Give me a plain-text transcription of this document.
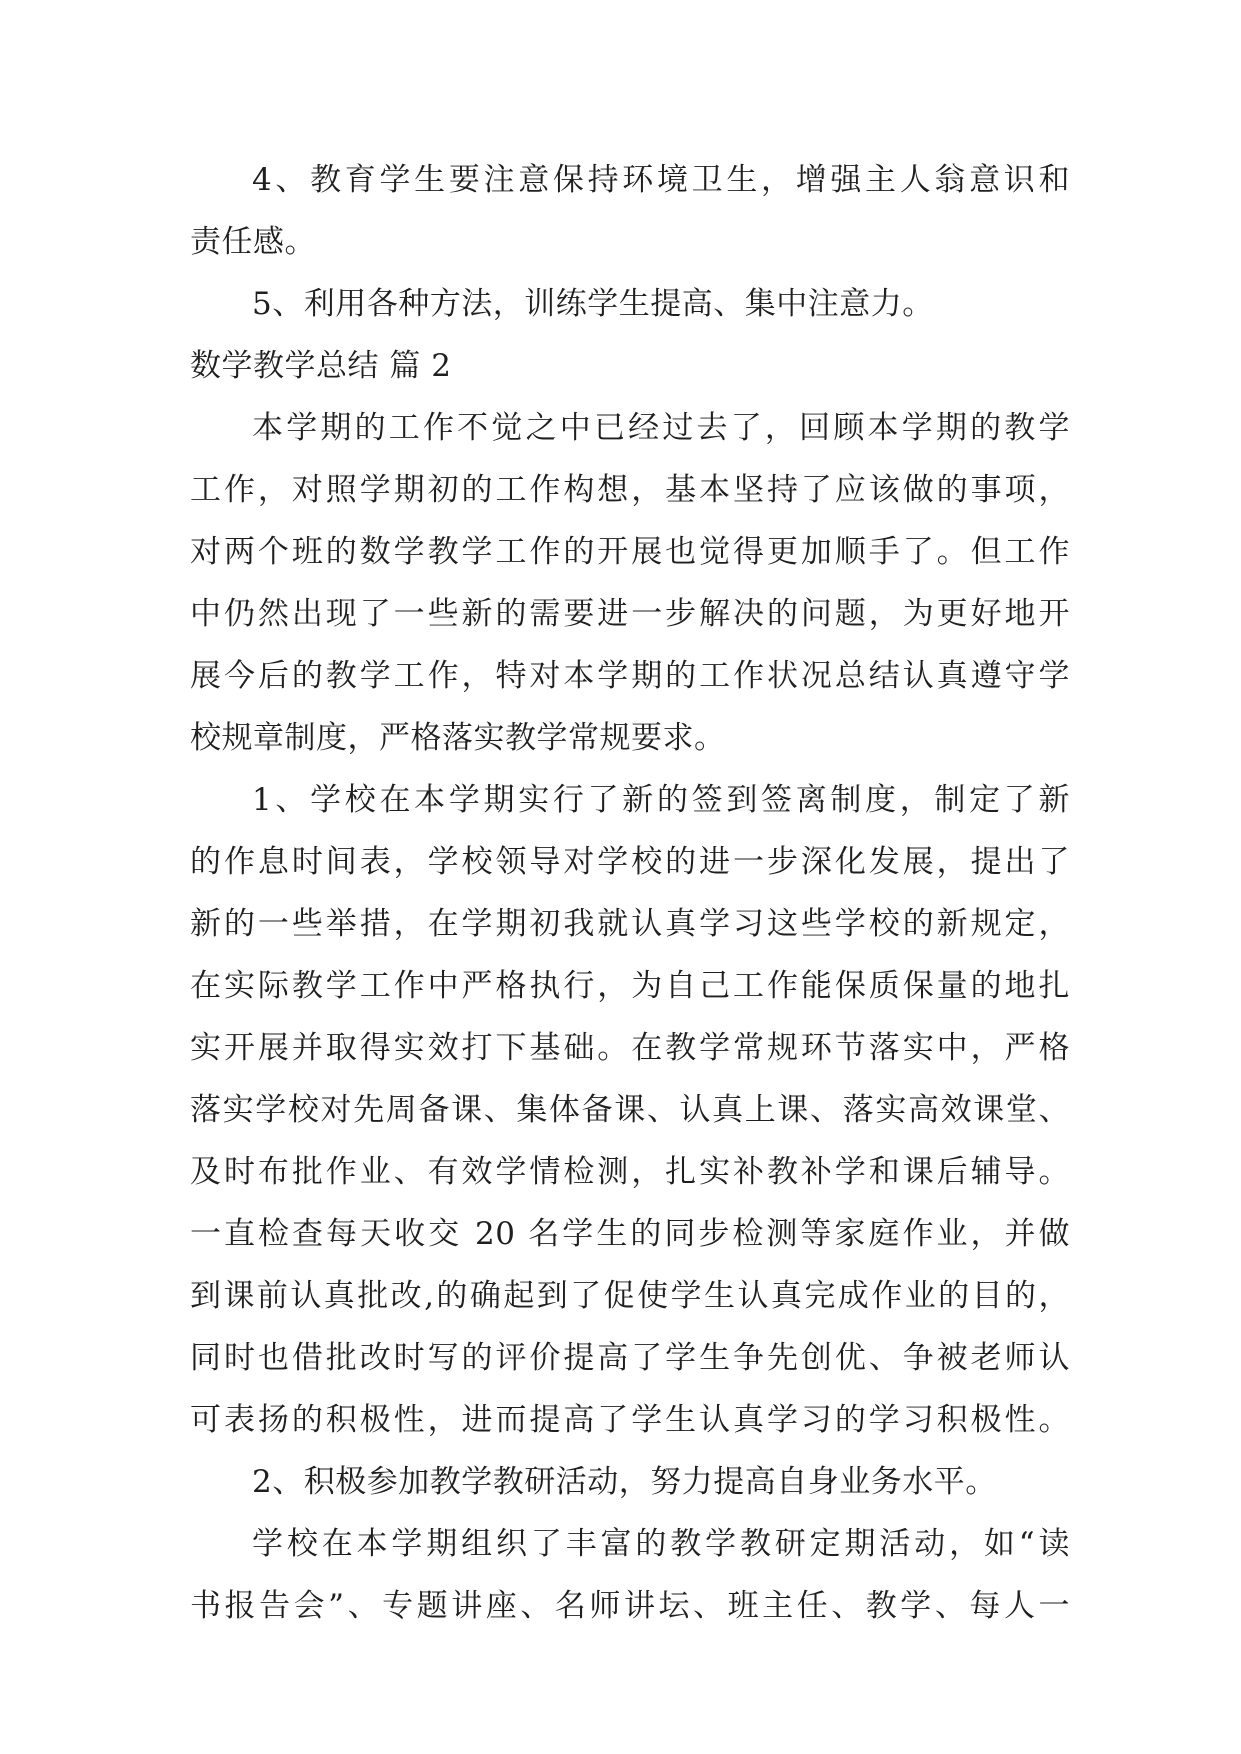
4、教育学生要注意保持环境卫生，增强主人翁意识和
责任感。
5、利用各种方法，训练学生提高、集中注意力。
数学教学总结 篇 2
本学期的工作不觉之中已经过去了，回顾本学期的教学
工作，对照学期初的工作构想，基本坚持了应该做的事项，
对两个班的数学教学工作的开展也觉得更加顺手了。但工作
中仍然出现了一些新的需要进一步解决的问题，为更好地开
展今后的教学工作，特对本学期的工作状况总结认真遵守学
校规章制度，严格落实教学常规要求。
1、学校在本学期实行了新的签到签离制度，制定了新
的作息时间表，学校领导对学校的进一步深化发展，提出了
新的一些举措，在学期初我就认真学习这些学校的新规定，
在实际教学工作中严格执行，为自己工作能保质保量的地扎
实开展并取得实效打下基础。在教学常规环节落实中，严格
落实学校对先周备课、集体备课、认真上课、落实高效课堂、
及时布批作业、有效学情检测，扎实补教补学和课后辅导。
一直检查每天收交 20 名学生的同步检测等家庭作业，并做
到课前认真批改,的确起到了促使学生认真完成作业的目的，
同时也借批改时写的评价提高了学生争先创优、争被老师认
可表扬的积极性，进而提高了学生认真学习的学习积极性。
2、积极参加教学教研活动，努力提高自身业务水平。
学校在本学期组织了丰富的教学教研定期活动，如“读
书报告会”、专题讲座、名师讲坛、班主任、教学、每人一
